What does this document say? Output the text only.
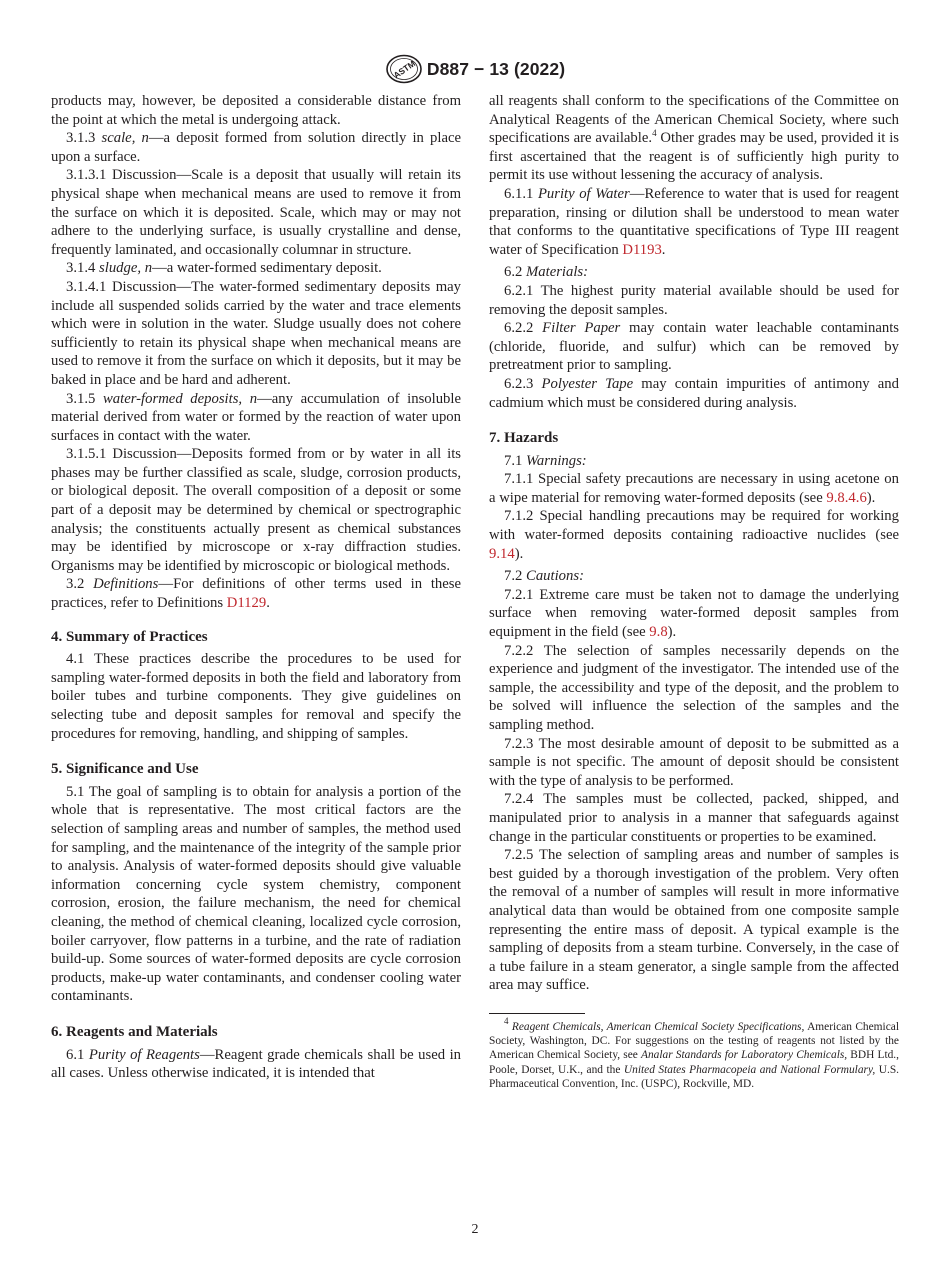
ASTM D887 − 13 (2022)

products may, however, be deposited a considerable distance from the point at which the metal is undergoing attack.

3.1.3 scale, n—a deposit formed from solution directly in place upon a surface.

3.1.3.1 Discussion—Scale is a deposit that usually will retain its physical shape when mechanical means are used to remove it from the surface on which it is deposited. Scale, which may or may not adhere to the underlying surface, is usually crystalline and dense, frequently laminated, and occasionally columnar in structure.

3.1.4 sludge, n—a water-formed sedimentary deposit.

3.1.4.1 Discussion—The water-formed sedimentary deposits may include all suspended solids carried by the water and trace elements which were in solution in the water. Sludge usually does not cohere sufficiently to retain its physical shape when mechanical means are used to remove it from the surface on which it deposits, but it may be baked in place and be hard and adherent.

3.1.5 water-formed deposits, n—any accumulation of insoluble material derived from water or formed by the reaction of water upon surfaces in contact with the water.

3.1.5.1 Discussion—Deposits formed from or by water in all its phases may be further classified as scale, sludge, corrosion products, or biological deposit. The overall composition of a deposit or some part of a deposit may be determined by chemical or spectrographic analysis; the constituents actually present as chemical substances may be identified by microscope or x-ray diffraction studies. Organisms may be identified by microscopic or biological methods.

3.2 Definitions—For definitions of other terms used in these practices, refer to Definitions D1129.

4. Summary of Practices

4.1 These practices describe the procedures to be used for sampling water-formed deposits in both the field and laboratory from boiler tubes and turbine components. They give guidelines on selecting tube and deposit samples for removal and specify the procedures for removing, handling, and shipping of samples.

5. Significance and Use

5.1 The goal of sampling is to obtain for analysis a portion of the whole that is representative. The most critical factors are the selection of sampling areas and number of samples, the method used for sampling, and the maintenance of the integrity of the sample prior to analysis. Analysis of water-formed deposits should give valuable information concerning cycle system chemistry, component corrosion, erosion, the failure mechanism, the need for chemical cleaning, the method of chemical cleaning, localized cycle corrosion, boiler carryover, flow patterns in a turbine, and the rate of radiation build-up. Some sources of water-formed deposits are cycle corrosion products, make-up water contaminants, and condenser cooling water contaminants.

6. Reagents and Materials

6.1 Purity of Reagents—Reagent grade chemicals shall be used in all cases. Unless otherwise indicated, it is intended that

all reagents shall conform to the specifications of the Committee on Analytical Reagents of the American Chemical Society, where such specifications are available.$^4$ Other grades may be used, provided it is first ascertained that the reagent is of sufficiently high purity to permit its use without lessening the accuracy of analysis.

6.1.1 Purity of Water—Reference to water that is used for reagent preparation, rinsing or dilution shall be understood to mean water that conforms to the quantitative specifications of Type III reagent water of Specification D1193.

6.2 Materials:

6.2.1 The highest purity material available should be used for removing the deposit samples.

6.2.2 Filter Paper may contain water leachable contaminants (chloride, fluoride, and sulfur) which can be removed by pretreatment prior to sampling.

6.2.3 Polyester Tape may contain impurities of antimony and cadmium which must be considered during analysis.

7. Hazards

7.1 Warnings:

7.1.1 Special safety precautions are necessary in using acetone on a wipe material for removing water-formed deposits (see 9.8.4.6).

7.1.2 Special handling precautions may be required for working with water-formed deposits containing radioactive nuclides (see 9.14).

7.2 Cautions:

7.2.1 Extreme care must be taken not to damage the underlying surface when removing water-formed deposit samples from equipment in the field (see 9.8).

7.2.2 The selection of samples necessarily depends on the experience and judgment of the investigator. The intended use of the sample, the accessibility and type of the deposit, and the problem to be solved will influence the selection of the samples and the sampling method.

7.2.3 The most desirable amount of deposit to be submitted as a sample is not specific. The amount of deposit should be consistent with the type of analysis to be performed.

7.2.4 The samples must be collected, packed, shipped, and manipulated prior to analysis in a manner that safeguards against change in the particular constituents or properties to be examined.

7.2.5 The selection of sampling areas and number of samples is best guided by a thorough investigation of the problem. Very often the removal of a number of samples will result in more informative analytical data than would be obtained from one composite sample representing the entire mass of deposit. A typical example is the sampling of deposits from a steam turbine. Conversely, in the case of a tube failure in a steam generator, a single sample from the affected area may suffice.

$^4$ Reagent Chemicals, American Chemical Society Specifications, American Chemical Society, Washington, DC. For suggestions on the testing of reagents not listed by the American Chemical Society, see Analar Standards for Laboratory Chemicals, BDH Ltd., Poole, Dorset, U.K., and the United States Pharmacopeia and National Formulary, U.S. Pharmaceutical Convention, Inc. (USPC), Rockville, MD.
2
